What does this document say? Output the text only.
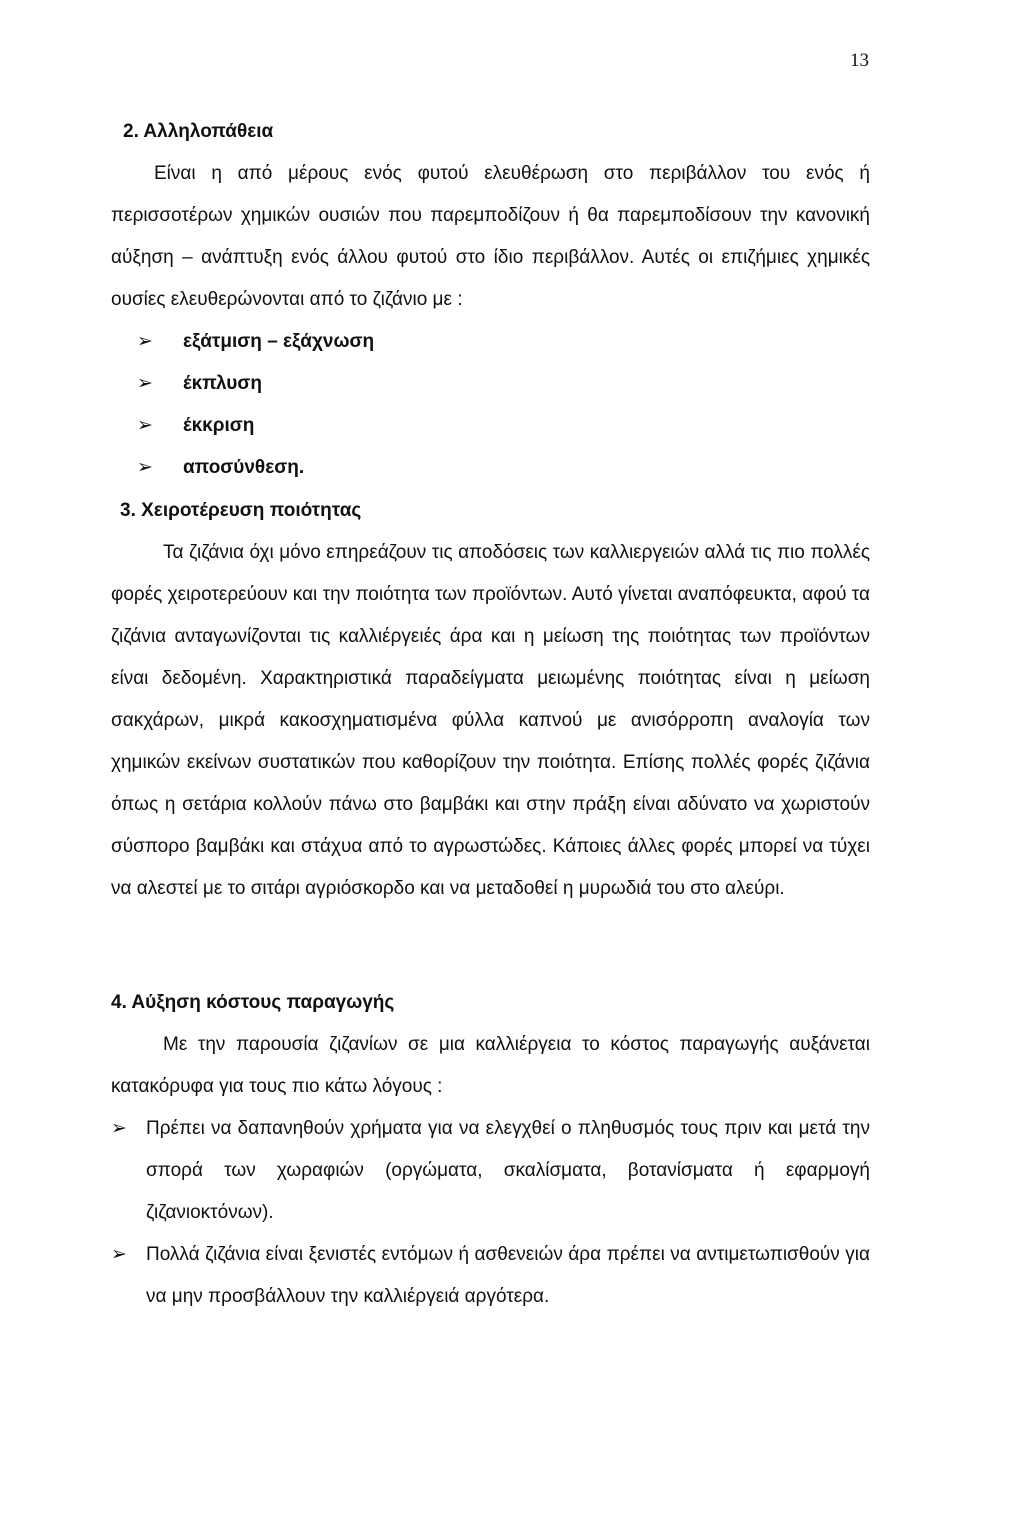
13
2. Αλληλοπάθεια

Είναι η από μέρους ενός φυτού ελευθέρωση στο περιβάλλον του ενός ή περισσοτέρων χημικών ουσιών που παρεμποδίζουν ή θα παρεμποδίσουν την κανονική αύξηση – ανάπτυξη ενός άλλου φυτού στο ίδιο περιβάλλον. Αυτές οι επιζήμιες χημικές ουσίες ελευθερώνονται από το ζιζάνιο με :

➢ εξάτμιση – εξάχνωση
➢ έκπλυση
➢ έκκριση
➢ αποσύνθεση.
3. Χειροτέρευση ποιότητας

Τα ζιζάνια όχι μόνο επηρεάζουν τις αποδόσεις των καλλιεργειών αλλά τις πιο πολλές φορές χειροτερεύουν και την ποιότητα των προϊόντων. Αυτό γίνεται αναπόφευκτα, αφού τα ζιζάνια ανταγωνίζονται τις καλλιέργειές άρα και η μείωση της ποιότητας των προϊόντων είναι δεδομένη. Χαρακτηριστικά παραδείγματα μειωμένης ποιότητας είναι η μείωση σακχάρων, μικρά κακοσχηματισμένα φύλλα καπνού με ανισόρροπη αναλογία των χημικών εκείνων συστατικών που καθορίζουν την ποιότητα. Επίσης πολλές φορές ζιζάνια όπως η σετάρια κολλούν πάνω στο βαμβάκι και στην πράξη είναι αδύνατο να χωριστούν σύσπορο βαμβάκι και στάχυα από το αγρωστώδες. Κάποιες άλλες φορές μπορεί να τύχει να αλεστεί με το σιτάρι αγριόσκορδο και να μεταδοθεί η μυρωδιά του στο αλεύρι.

4. Αύξηση κόστους παραγωγής

Με την παρουσία ζιζανίων σε μια καλλιέργεια το κόστος παραγωγής αυξάνεται κατακόρυφα για τους πιο κάτω λόγους :

➢ Πρέπει να δαπανηθούν χρήματα για να ελεγχθεί ο πληθυσμός τους πριν και μετά την σπορά των χωραφιών (οργώματα, σκαλίσματα, βοτανίσματα ή εφαρμογή ζιζανιοκτόνων).
➢ Πολλά ζιζάνια είναι ξενιστές εντόμων ή ασθενειών άρα πρέπει να αντιμετωπισθούν για να μην προσβάλλουν την καλλιέργειά αργότερα.
